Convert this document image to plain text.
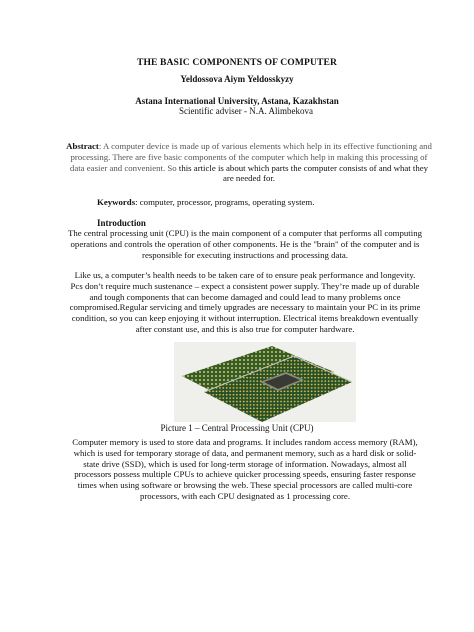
THE BASIC COMPONENTS OF COMPUTER
Yeldossova Aiym Yeldosskyzy
Astana International University, Astana, Kazakhstan
Scientific adviser - N.A. Alimbekova
Abstract: A computer device is made up of various elements which help in its effective functioning and processing. There are five basic components of the computer which help in making this processing of data easier and convenient. So this article is about which parts the computer consists of and what they are needed for.
Keywords: computer, processor, programs, operating system.
Introduction
The central processing unit (CPU) is the main component of a computer that performs all computing operations and controls the operation of other components. He is the "brain" of the computer and is responsible for executing instructions and processing data.
Like us, a computer’s health needs to be taken care of to ensure peak performance and longevity. Pcs don’t require much sustenance – expect a consistent power supply. They’re made up of durable and tough components that can become damaged and could lead to many problems once compromised.Regular servicing and timely upgrades are necessary to maintain your PC in its prime condition, so you can keep enjoying it without interruption. Electrical items breakdown eventually after constant use, and this is also true for computer hardware.
Picture 1 – Central Processing Unit (CPU)
Computer memory is used to store data and programs. It includes random access memory (RAM), which is used for temporary storage of data, and permanent memory, such as a hard disk or solid-state drive (SSD), which is used for long-term storage of information. Nowadays, almost all processors possess multiple CPUs to achieve quicker processing speeds, ensuring faster response times when using software or browsing the web. These special processors are called multi-core processors, with each CPU designated as 1 processing core.
